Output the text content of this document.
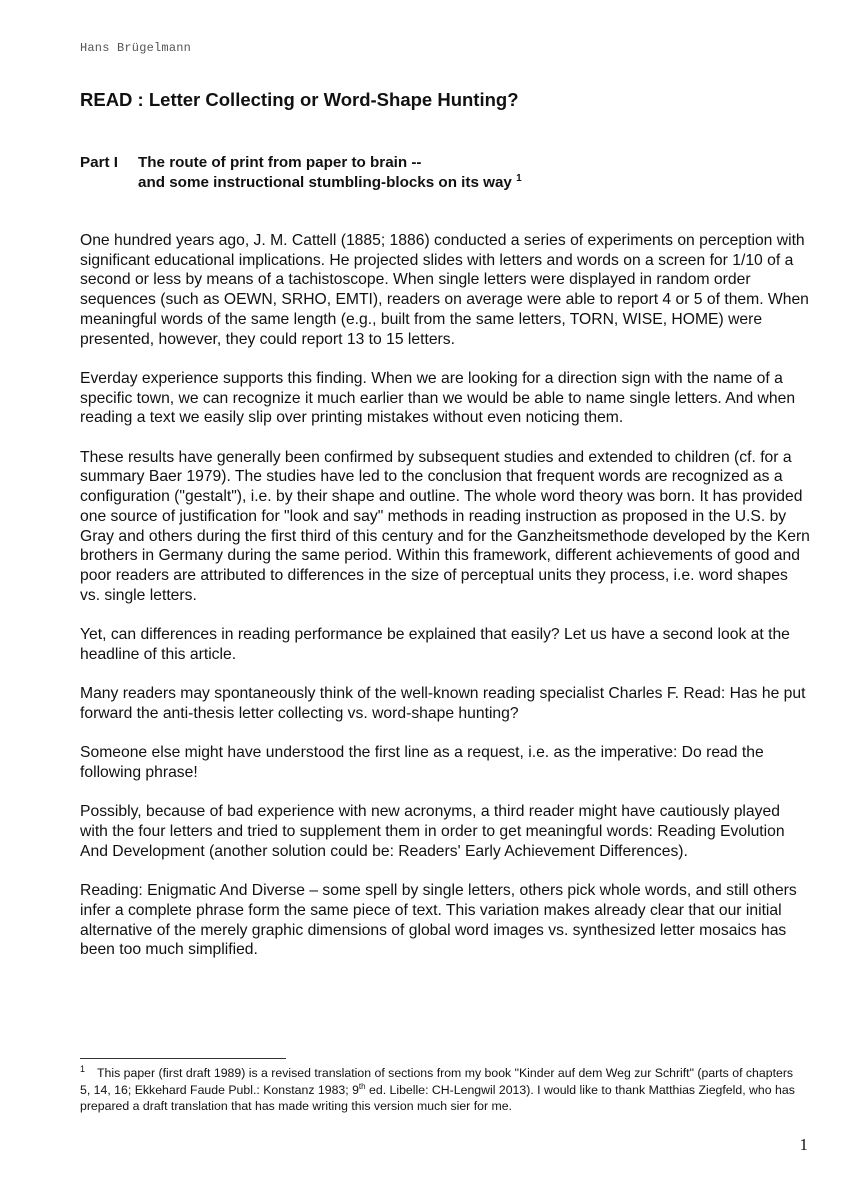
Hans Brügelmann
READ : Letter Collecting or Word-Shape Hunting?
Part I	The route of print from paper to brain --
and some instructional stumbling-blocks on its way $^1$

One hundred years ago, J. M. Cattell (1885; 1886) conducted a series of experiments on perception with significant educational implications. He projected slides with letters and words on a screen for 1/10 of a second or less by means of a tachistoscope. When single letters were displayed in random order sequences (such as OEWN, SRHO, EMTI), readers on average were able to report 4 or 5 of them. When meaningful words of the same length (e.g., built from the same letters, TORN, WISE, HOME) were presented, however, they could report 13 to 15 letters.

Everday experience supports this finding. When we are looking for a direction sign with the name of a specific town, we can recognize it much earlier than we would be able to name single letters. And when reading a text we easily slip over printing mistakes without even noticing them.

These results have generally been confirmed by subsequent studies and extended to children (cf. for a summary Baer 1979). The studies have led to the conclusion that frequent words are recognized as a configuration ("gestalt"), i.e. by their shape and outline. The whole word theory was born. It has provided one source of justification for "look and say" methods in reading instruction as proposed in the U.S. by Gray and others during the first third of this century and for the Ganzheitsmethode developed by the Kern brothers in Germany during the same period. Within this framework, different achievements of good and poor readers are attributed to differences in the size of perceptual units they process, i.e. word shapes vs. single letters.

Yet, can differences in reading performance be explained that easily? Let us have a second look at the headline of this article.

Many readers may spontaneously think of the well-known reading specialist Charles F. Read: Has he put forward the anti-thesis letter collecting vs. word-shape hunting?

Someone else might have understood the first line as a request, i.e. as the imperative: Do read the following phrase!

Possibly, because of bad experience with new acronyms, a third reader might have cautiously played with the four letters and tried to supplement them in order to get meaningful words: Reading Evolution And Development (another solution could be: Readers' Early Achievement Differences).

Reading: Enigmatic And Diverse – some spell by single letters, others pick whole words, and still others infer a complete phrase form the same piece of text. This variation makes already clear that our initial alternative of the merely graphic dimensions of global word images vs. synthesized letter mosaics has been too much simplified.

$^1$ This paper (first draft 1989) is a revised translation of sections from my book "Kinder auf dem Weg zur Schrift" (parts of chapters 5, 14, 16; Ekkehard Faude Publ.: Konstanz 1983; 9th ed. Libelle: CH-Lengwil 2013). I would like to thank Matthias Ziegfeld, who has prepared a draft translation that has made writing this version much sier for me.
1
